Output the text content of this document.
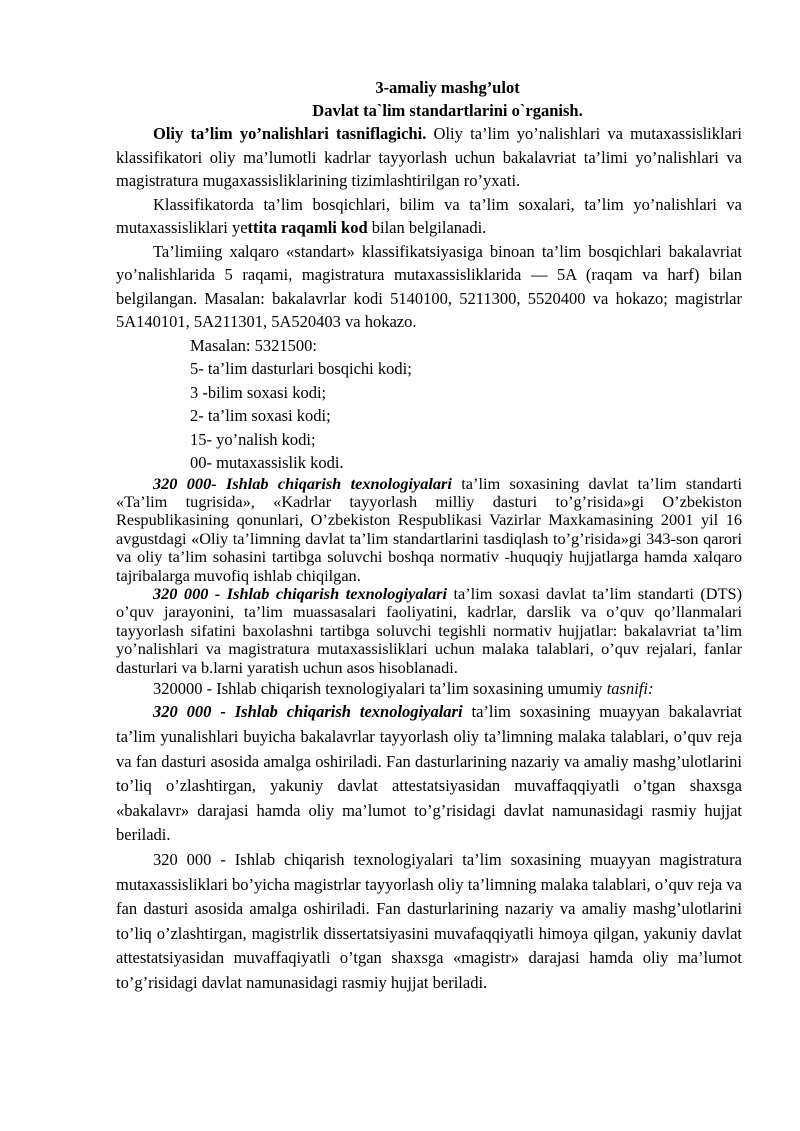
3-amaliy mashg’ulot

Davlat ta`lim standartlarini o`rganish.

Oliy ta’lim yo’nalishlari tasniflagichi. Oliy ta’lim yo’nalishlari va mutaxassisliklari klassifikatori oliy ma’lumotli kadrlar tayyorlash uchun bakalavriat ta’limi yo’nalishlari va magistratura mugaxassisliklarining tizimlashtirilgan ro’yxati.

Klassifikatorda ta’lim bosqichlari, bilim va ta’lim soxalari, ta’lim yo’nalishlari va mutaxassisliklari yettita raqamli kod bilan belgilanadi.

Ta’limiing xalqaro «standart» klassifikatsiyasiga binoan ta’lim bosqichlari bakalavriat yo’nalishlarida 5 raqami, magistratura mutaxassisliklarida — 5A (raqam va harf) bilan belgilangan. Masalan: bakalavrlar kodi 5140100, 5211300, 5520400 va hokazo; magistrlar 5A140101, 5A211301, 5A520403 va hokazo.

Masalan: 5321500:

5- ta’lim dasturlari bosqichi kodi;

3 -bilim soxasi kodi;

2- ta’lim soxasi kodi;

15- yo’nalish kodi;

00- mutaxassislik kodi.

320 000- Ishlab chiqarish texnologiyalari ta’lim soxasining davlat ta’lim standarti «Ta’lim tugrisida», «Kadrlar tayyorlash milliy dasturi to’g’risida»gi O’zbekiston Respublikasining qonunlari, O’zbekiston Respublikasi Vazirlar Maxkamasining 2001 yil 16 avgustdagi «Oliy ta’limning davlat ta’lim standartlarini tasdiqlash to’g’risida»gi 343-son qarori va oliy ta’lim sohasini tartibga soluvchi boshqa normativ -huquqiy hujjatlarga hamda xalqaro tajribalarga muvofiq ishlab chiqilgan.

320 000 - Ishlab chiqarish texnologiyalari ta’lim soxasi davlat ta’lim standarti (DTS) o’quv jarayonini, ta’lim muassasalari faoliyatini, kadrlar, darslik va o’quv qo’llanmalari tayyorlash sifatini baxolashni tartibga soluvchi tegishli normativ hujjatlar: bakalavriat ta’lim yo’nalishlari va magistratura mutaxassisliklari uchun malaka talablari, o’quv rejalari, fanlar dasturlari va b.larni yaratish uchun asos hisoblanadi.

320000 - Ishlab chiqarish texnologiyalari ta’lim soxasining umumiy tasnifi:

320 000 - Ishlab chiqarish texnologiyalari ta’lim soxasining muayyan bakalavriat ta’lim yunalishlari buyicha bakalavrlar tayyorlash oliy ta’limning malaka talablari, o’quv reja va fan dasturi asosida amalga oshiriladi. Fan dasturlarining nazariy va amaliy mashg’ulotlarini to’liq o’zlashtirgan, yakuniy davlat attestatsiyasidan muvaffaqqiyatli o’tgan shaxsga «bakalavr» darajasi hamda oliy ma’lumot to’g’risidagi davlat namunasidagi rasmiy hujjat beriladi.

320 000 - Ishlab chiqarish texnologiyalari ta’lim soxasining muayyan magistratura mutaxassisliklari bo’yicha magistrlar tayyorlash oliy ta’limning malaka talablari, o’quv reja va fan dasturi asosida amalga oshiriladi. Fan dasturlarining nazariy va amaliy mashg’ulotlarini to’liq o’zlashtirgan, magistrlik dissertatsiyasini muvafaqqiyatli himoya qilgan, yakuniy davlat attestatsiyasidan muvaffaqiyatli o’tgan shaxsga «magistr» darajasi hamda oliy ma’lumot to’g’risidagi davlat namunasidagi rasmiy hujjat beriladi.
